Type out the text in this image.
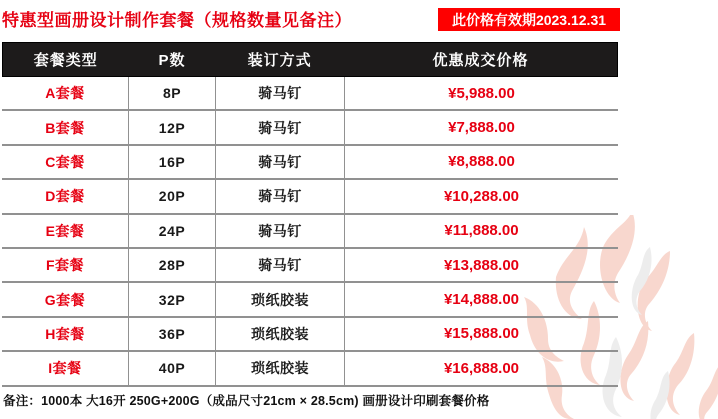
特惠型画册设计制作套餐（规格数量见备注）	此价格有效期2023.12.31
套餐类型	P数	装订方式	优惠成交价格
A套餐	8P	骑马钉	¥5,988.00
B套餐	12P	骑马钉	¥7,888.00
C套餐	16P	骑马钉	¥8,888.00
D套餐	20P	骑马钉	¥10,288.00
E套餐	24P	骑马钉	¥11,888.00
F套餐	28P	骑马钉	¥13,888.00
G套餐	32P	琐纸胶装	¥14,888.00
H套餐	36P	琐纸胶装	¥15,888.00
I套餐	40P	琐纸胶装	¥16,888.00
备注：1000本 大16开 250G+200G（成品尺寸21cm × 28.5cm) 画册设计印刷套餐价格
